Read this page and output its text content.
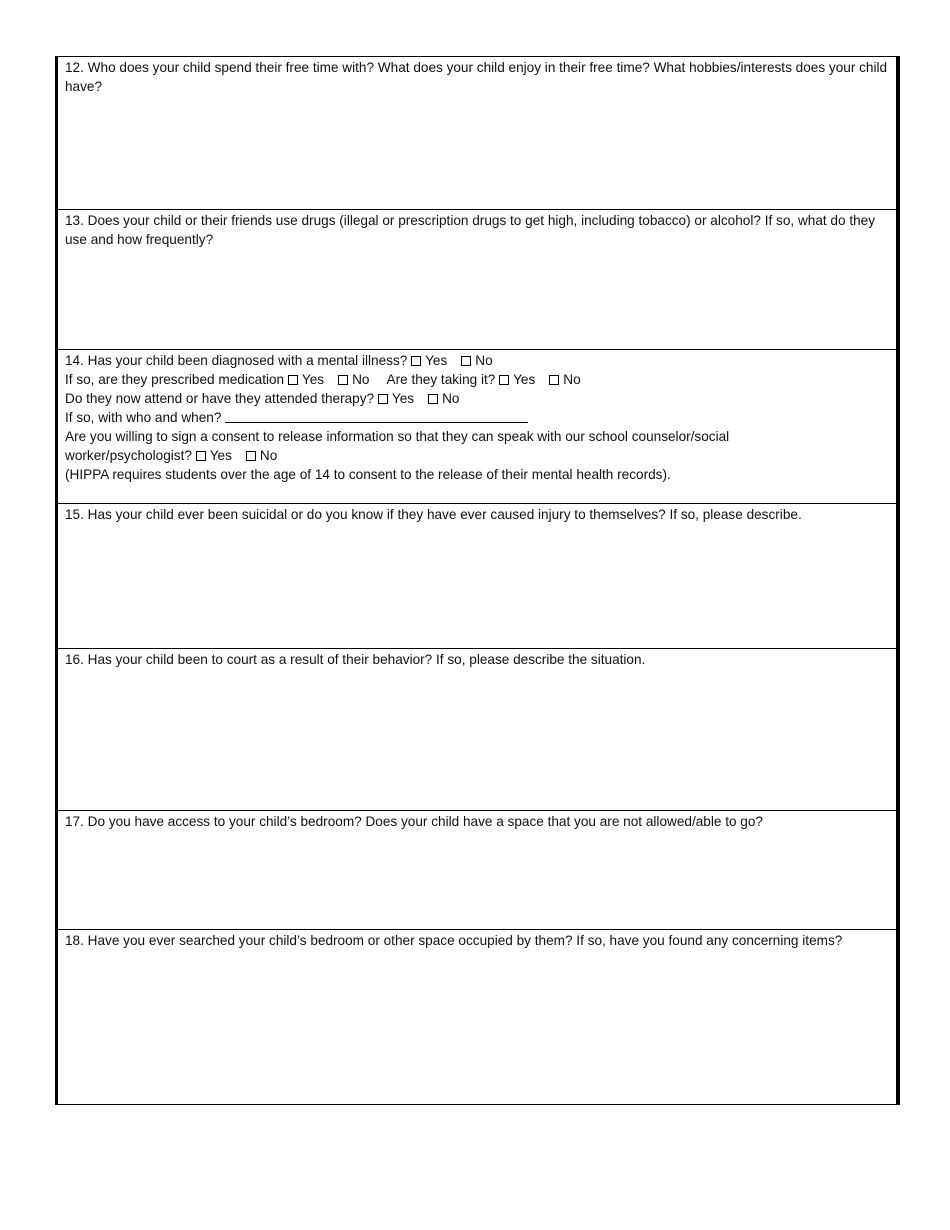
12. Who does your child spend their free time with? What does your child enjoy in their free time? What hobbies/interests does your child have?
13. Does your child or their friends use drugs (illegal or prescription drugs to get high, including tobacco) or alcohol? If so, what do they use and how frequently?
14. Has your child been diagnosed with a mental illness? Yes No
If so, are they prescribed medication Yes No Are they taking it? Yes No
Do they now attend or have they attended therapy? Yes No
If so, with who and when?
Are you willing to sign a consent to release information so that they can speak with our school counselor/social
worker/psychologist? Yes No
(HIPPA requires students over the age of 14 to consent to the release of their mental health records).
15. Has your child ever been suicidal or do you know if they have ever caused injury to themselves? If so, please describe.
16. Has your child been to court as a result of their behavior? If so, please describe the situation.
17. Do you have access to your child’s bedroom? Does your child have a space that you are not allowed/able to go?
18. Have you ever searched your child’s bedroom or other space occupied by them? If so, have you found any concerning items?
